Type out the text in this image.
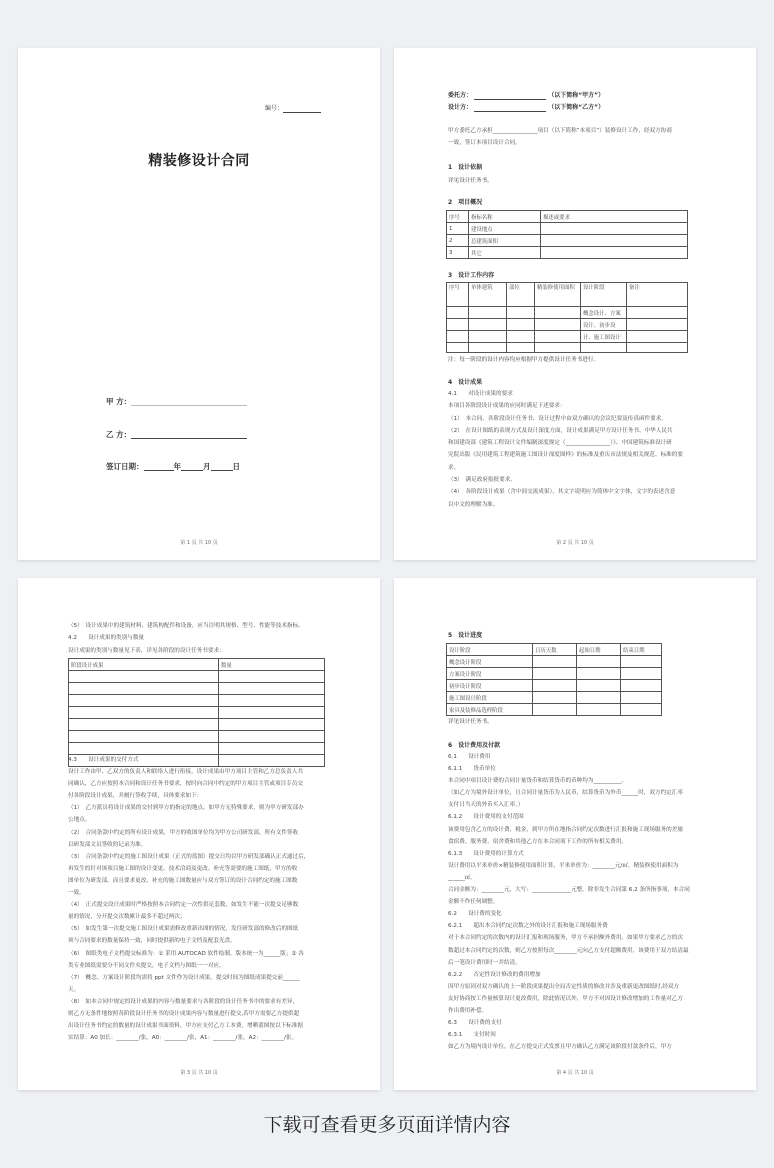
编号：
精装修设计合同
甲 方：
乙 方：
签订日期：	年	月	日
第 1 页 共 10 页
委托方：	（以下简称“甲方”）
设计方：	（以下简称“乙方”）
甲方委托乙方承担________________项目（以下简称“本项目”）装修设计工作，经双方协商
一致，签订本项目设计合同。
1　设计依据
详见设计任务书。
2　项目概况
序号	指标名称	描述或要求
1	建设地点	
2	总建筑面积	
3	其它	
3　设计工作内容
序号	单体建筑	部位	精装修使用面积	设计阶段	备注
				概念设计、方案	
				设计、初步设	
				计、施工图设计	

注：每一阶段的设计内容均应根据甲方提供设计任务书进行。
4　设计成果
4.1　　对设计成果的要求
本项目各阶段设计成果的应同时满足下述要求：
（1）　本合同、各阶段设计任务书、设计过程中由双方确认的会议纪要及传真函件要求。
（2）　在设计图纸的表现方式及设计深度方面，设计成果满足甲方设计任务书、中华人民共
和国建设部《建筑工程设计文件编制深度规定（________________）》、中国建筑标准设计研
究院出版《民用建筑工程建筑施工图设计深度图样》的标准及重庆市法规及相关规范、标准的要
求。
（3）　满足政府报批要求。
（4）　各阶段设计成果（含中间交流成果），其文字说明应为简体中文字体，文字的表述含意
以中文的理解为准。
第 2 页 共 10 页
（5）　设计成果中的建筑材料、建筑构配件和设备，应当注明其规格、型号、性能等技术指标。
4.2　　设计成果的类别与数量
设计成果的类别与数量见下表，详见各阶段的设计任务书要求：
阶段设计成果	数量

4.3　　设计成果的交付方式
设计工作由甲、乙双方的负责人和联络人进行衔接，设计成果由甲方项目主管和乙方总负责人共
同确认，乙方应按照本合同和设计任务书要求，按时向合同中约定的甲方项目主管或项目专员交
付各阶段设计成果，并履行签收手续，具体要求如下：
（1）　乙方派员将设计成果的交付到甲方的指定的地点，如甲方无特殊要求，则为甲方研发部办
公地点。
（2）　合同条款中约定的所有设计成果，甲方的收图单位均为甲方公司研发部，所有文件签收
以研发部文员签收的记录为准。
（3）　合同条款中约定的施工图设计成果（正式的蓝图）提交日均以甲方研发部确认正式通过后，
再发生的针对该项目施工图的设计变更、技术洽商及更改、补充等需要的施工图纸，甲方的收
图单位为研发部，而且要求更改、补充的施工图数量应与双方签订的设计合同约定的施工图数
一致。
（4）　正式提交设计成果时严格按照本合同约定一次性供足套数，如发生不能一次提交足够数
量的情况，分开提交次数累计最多不超过两次；
（5）　如发生第一次提交施工图设计成果需修改重新出图的情况，发往研发部的修改后的图纸
须与合同要求的数量保持一致，同时提供新的电子文档及配套光盘。
（6）　图纸类电子文档提交标准为：① 采用 AUTOCAD 软件绘制，版本统一为______版；② 各
类专业图纸需要分不同文件夹提交，电子文档与图纸一一对应。
（7）　概念、方案设计阶段均需将 ppt 文件作为设计成果，提交时间为图纸成果提交前______
天。
（8）　如本合同中规定的设计成果的内容与数量要求与各阶段的设计任务书中的要求有差异，
则乙方无条件地按照各阶段设计任务书的设计成果内容与数量进行提交,若甲方需要乙方提供超
出设计任务书约定的数量的设计成果书面资料，甲方应支付乙方工本费，增晒蓝图按以下标准据
实结算：A0 加长：________/张，A0：________/张，A1：________/张，A2：________/张。
第 3 页 共 10 页
5　设计进度
设计阶段	日历天数	起始日期	结束日期
概念设计阶段			
方案设计阶段			
初步设计阶段			
施工图设计阶段			
家具及装修品选样阶段			
详见设计任务书。
6　设计费用及付款
6.1　　设计费用
6.1.1　　货币单位
本合同中项目设计费的合同计量货币和结算货币的币种均为__________。
（如乙方为境外设计单位，且合同计量货币为人民币，结算货币为外币______时，双方约定汇率
支付日当天的外币买入汇率。）
6.1.2　　设计费用的支付范围
该费用包含乙方的设计费、税金，到甲方所在地指合同约定次数进行汇报和施工现场服务的差旅
食宿费、服务费、宿舍费和其他乙方在本合同项下工作的所有相关费用。
6.1.3　　设计费用的计算方式
设计费用以平米单价×精装修使用面积计算，平米单价为：________元/㎡，精装修使用面积为
______㎡。
合同金额为：________元，大写：______________元整。除非发生合同第 6.2 条所指事项，本合同
金额不作任何调整。
6.2　　设计费的变化
6.2.1　　超出本合同约定次数之外的设计汇报和施工现场服务费
对于本合同约定的次数内的设计汇报和现场服务，甲方不承担额外费用。如果甲方要求乙方的次
数超过本合同约定的次数，则乙方按照每次________元向乙方支付超额费用，该费用于双方结清最
后一笔设计费用时一并结清。
6.2.2　　否定性设计修改的费用增加
因甲方原因对双方确认的上一阶段成果提出全局否定性质的修改并涉及重新更改图纸时,经双方
友好协商按工作量核算设计更改费用，除此情况以外，甲方不对因设计修改增加的工作量对乙方
作出费用补偿。
6.3　　设计费的支付
6.3.1　　支付时间
如乙方为境内设计单位，在乙方提交正式发票且甲方确认乙方满足该阶段付款条件后，甲方
第 4 页 共 10 页
下载可查看更多页面详情内容
